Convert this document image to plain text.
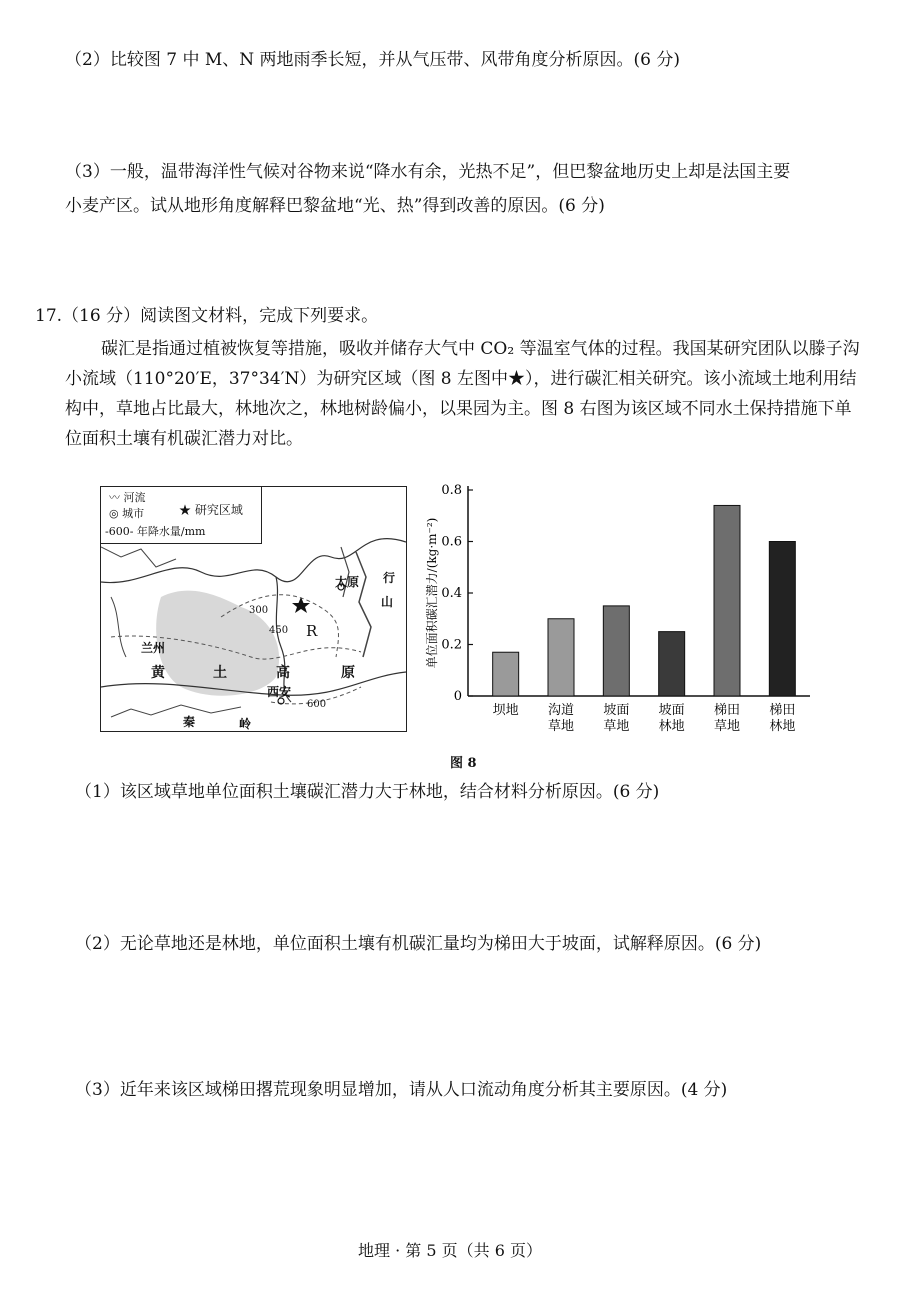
（2）比较图 7 中 M、N 两地雨季长短，并从气压带、风带角度分析原因。(6 分)
（3）一般，温带海洋性气候对谷物来说“降水有余，光热不足”，但巴黎盆地历史上却是法国主要
小麦产区。试从地形角度解释巴黎盆地“光、热”得到改善的原因。(6 分)
17.（16 分）阅读图文材料，完成下列要求。
碳汇是指通过植被恢复等措施，吸收并储存大气中 CO₂ 等温室气体的过程。我国某研究团队以滕子沟小流域（110°20′E，37°34′N）为研究区域（图 8 左图中★），进行碳汇相关研究。该小流域土地利用结构中，草地占比最大，林地次之，林地树龄偏小，以果园为主。图 8 右图为该区域不同水土保持措施下单位面积土壤有机碳汇潜力对比。
〰 河流
◎ 城市
-600- 年降水量/mm
★ 研究区域
兰州
黄	土	高	原
太原
西安
R
秦	岭
行
山
300
450
600
0
0.2
0.4
0.6
0.8
单位面积碳汇潜力/(kg·m⁻²)
坝地 沟道
草地
坡面
草地
坡面
林地
梯田
草地
梯田
林地
图 8
（1）该区域草地单位面积土壤碳汇潜力大于林地，结合材料分析原因。(6 分)
（2）无论草地还是林地，单位面积土壤有机碳汇量均为梯田大于坡面，试解释原因。(6 分)
（3）近年来该区域梯田撂荒现象明显增加，请从人口流动角度分析其主要原因。(4 分)
地理 · 第 5 页（共 6 页）
